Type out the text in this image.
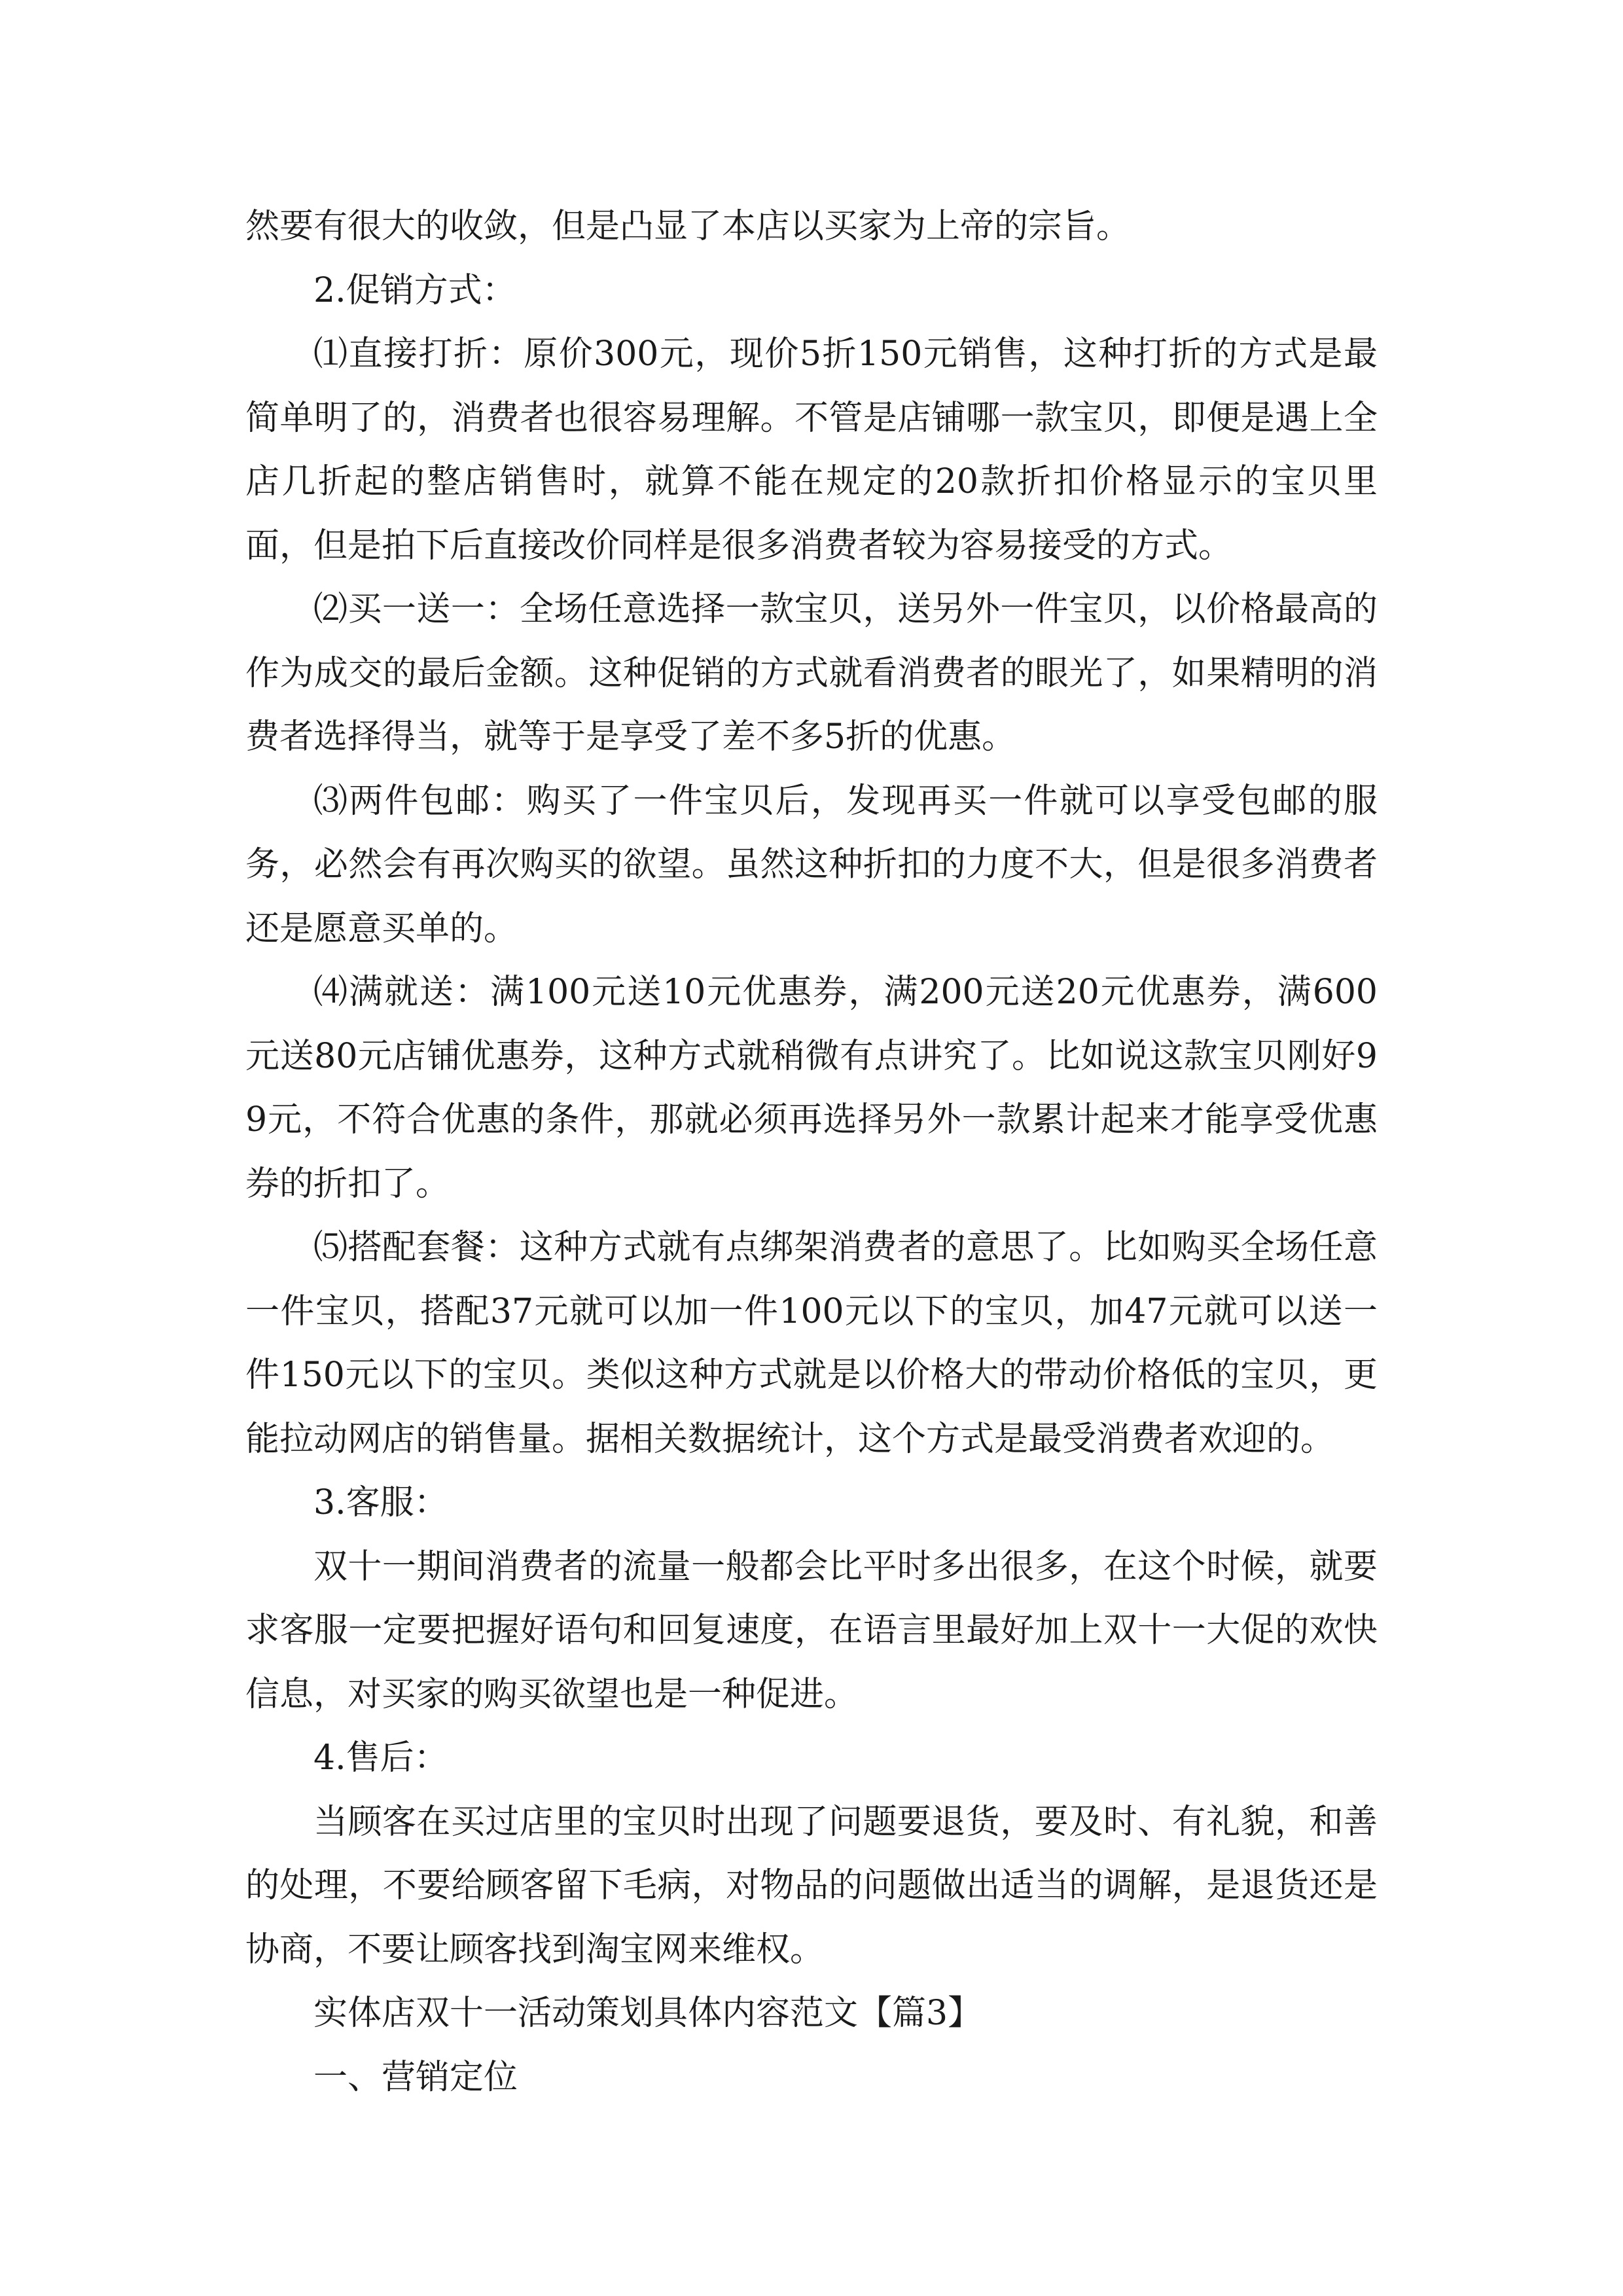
然要有很大的收敛，但是凸显了本店以买家为上帝的宗旨。

2.促销方式：

⑴直接打折：原价300元，现价5折150元销售，这种打折的方式是最简单明了的，消费者也很容易理解。不管是店铺哪一款宝贝，即便是遇上全店几折起的整店销售时，就算不能在规定的20款折扣价格显示的宝贝里面，但是拍下后直接改价同样是很多消费者较为容易接受的方式。

⑵买一送一：全场任意选择一款宝贝，送另外一件宝贝，以价格最高的作为成交的最后金额。这种促销的方式就看消费者的眼光了，如果精明的消费者选择得当，就等于是享受了差不多5折的优惠。

⑶两件包邮：购买了一件宝贝后，发现再买一件就可以享受包邮的服务，必然会有再次购买的欲望。虽然这种折扣的力度不大，但是很多消费者还是愿意买单的。

⑷满就送：满100元送10元优惠券，满200元送20元优惠券，满600元送80元店铺优惠券，这种方式就稍微有点讲究了。比如说这款宝贝刚好99元，不符合优惠的条件，那就必须再选择另外一款累计起来才能享受优惠券的折扣了。

⑸搭配套餐：这种方式就有点绑架消费者的意思了。比如购买全场任意一件宝贝，搭配37元就可以加一件100元以下的宝贝，加47元就可以送一件150元以下的宝贝。类似这种方式就是以价格大的带动价格低的宝贝，更能拉动网店的销售量。据相关数据统计，这个方式是最受消费者欢迎的。

3.客服：

双十一期间消费者的流量一般都会比平时多出很多，在这个时候，就要求客服一定要把握好语句和回复速度，在语言里最好加上双十一大促的欢快信息，对买家的购买欲望也是一种促进。

4.售后：

当顾客在买过店里的宝贝时出现了问题要退货，要及时、有礼貌，和善的处理，不要给顾客留下毛病，对物品的问题做出适当的调解，是退货还是协商，不要让顾客找到淘宝网来维权。

实体店双十一活动策划具体内容范文【篇3】

一、营销定位
